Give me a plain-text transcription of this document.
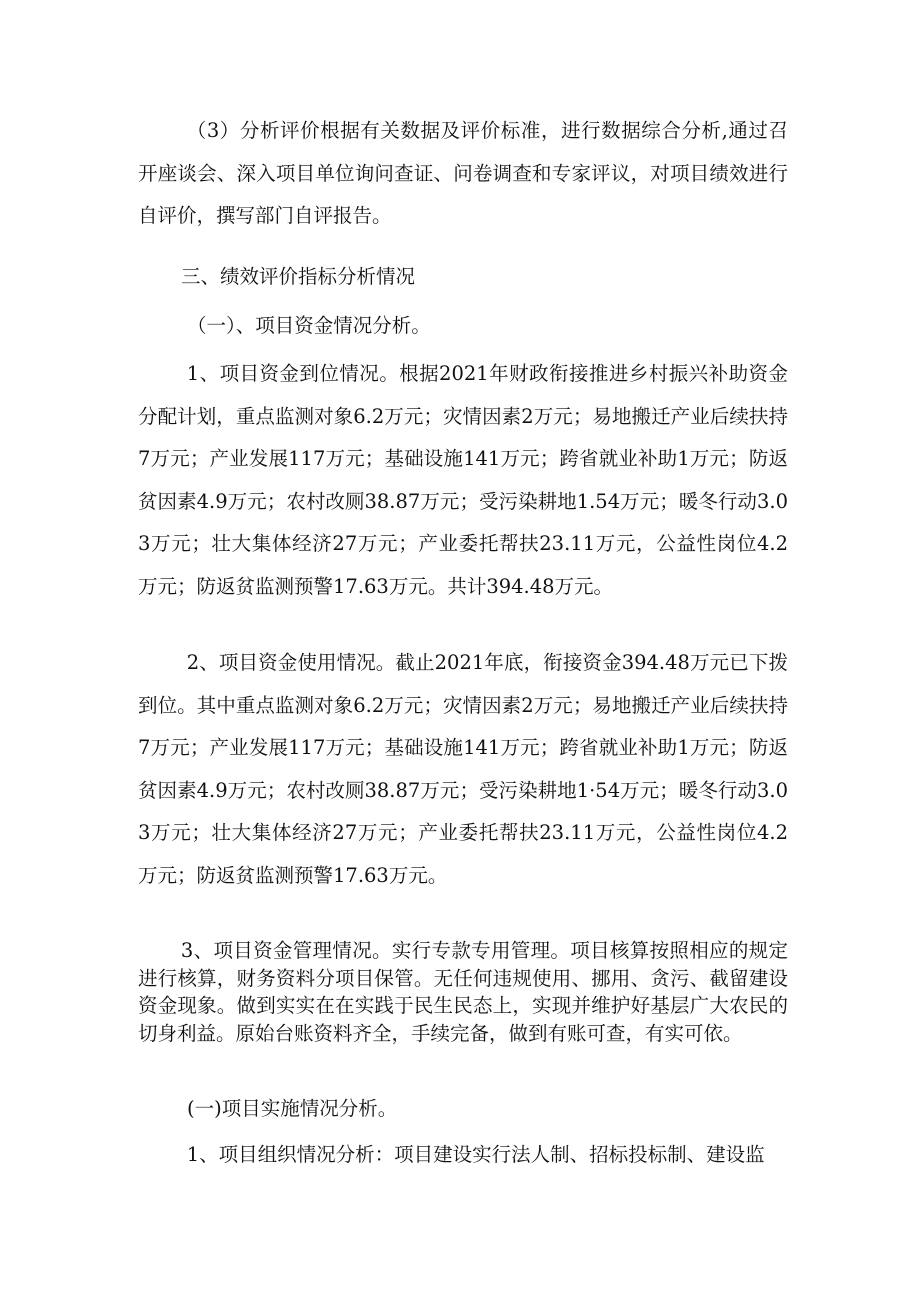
（3）分析评价根据有关数据及评价标准，进行数据综合分析,通过召开座谈会、深入项目单位询问查证、问卷调查和专家评议，对项目绩效进行自评价，撰写部门自评报告。

三、绩效评价指标分析情况

（一）、项目资金情况分析。

1、项目资金到位情况。根据2021年财政衔接推进乡村振兴补助资金分配计划，重点监测对象6.2万元；灾情因素2万元；易地搬迁产业后续扶持7万元；产业发展117万元；基础设施141万元；跨省就业补助1万元；防返贫因素4.9万元；农村改厕38.87万元；受污染耕地1.54万元；暖冬行动3.03万元；壮大集体经济27万元；产业委托帮扶23.11万元，公益性岗位4.2万元；防返贫监测预警17.63万元。共计394.48万元。

2、项目资金使用情况。截止2021年底，衔接资金394.48万元已下拨到位。其中重点监测对象6.2万元；灾情因素2万元；易地搬迁产业后续扶持7万元；产业发展117万元；基础设施141万元；跨省就业补助1万元；防返贫因素4.9万元；农村改厕38.87万元；受污染耕地1·54万元；暖冬行动3.03万元；壮大集体经济27万元；产业委托帮扶23.11万元，公益性岗位4.2万元；防返贫监测预警17.63万元。

3、项目资金管理情况。实行专款专用管理。项目核算按照相应的规定进行核算，财务资料分项目保管。无任何违规使用、挪用、贪污、截留建设资金现象。做到实实在在实践于民生民态上，实现并维护好基层广大农民的切身利益。原始台账资料齐全，手续完备，做到有账可查，有实可依。

(一)项目实施情况分析。

1、项目组织情况分析：项目建设实行法人制、招标投标制、建设监
